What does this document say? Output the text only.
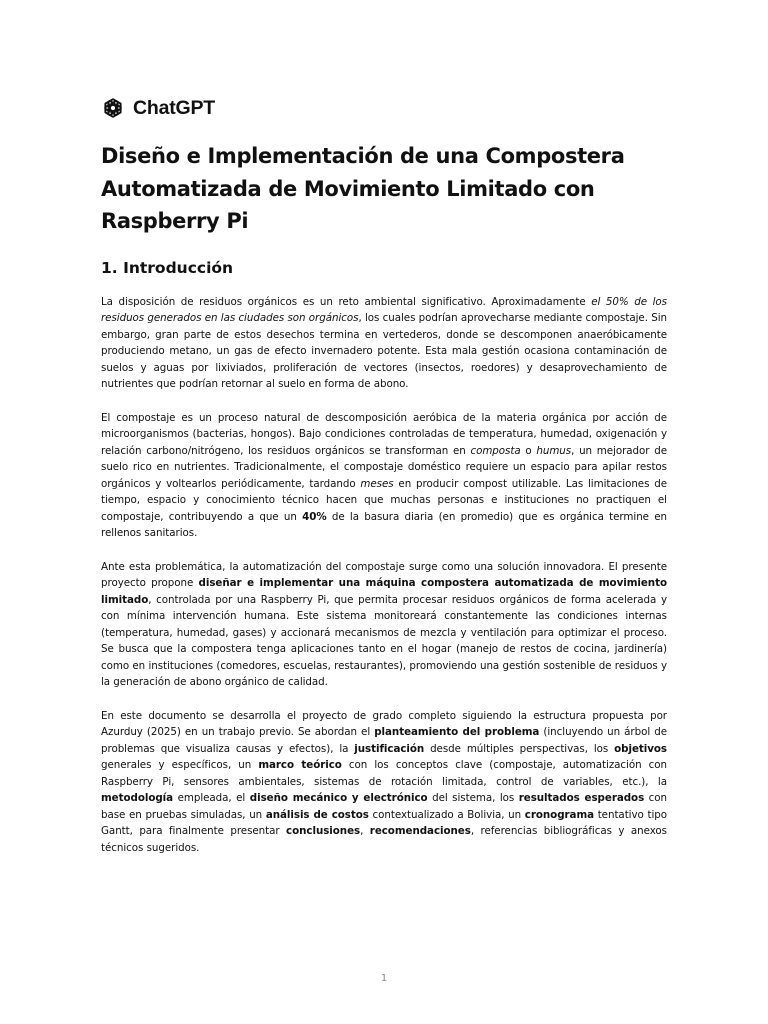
ChatGPT
Diseño e Implementación de una Compostera Automatizada de Movimiento Limitado con Raspberry Pi
1. Introducción

La disposición de residuos orgánicos es un reto ambiental significativo. Aproximadamente el 50% de los residuos generados en las ciudades son orgánicos, los cuales podrían aprovecharse mediante compostaje. Sin embargo, gran parte de estos desechos termina en vertederos, donde se descomponen anaeróbicamente produciendo metano, un gas de efecto invernadero potente. Esta mala gestión ocasiona contaminación de suelos y aguas por lixiviados, proliferación de vectores (insectos, roedores) y desaprovechamiento de nutrientes que podrían retornar al suelo en forma de abono.

El compostaje es un proceso natural de descomposición aeróbica de la materia orgánica por acción de microorganismos (bacterias, hongos). Bajo condiciones controladas de temperatura, humedad, oxigenación y relación carbono/nitrógeno, los residuos orgánicos se transforman en composta o humus, un mejorador de suelo rico en nutrientes. Tradicionalmente, el compostaje doméstico requiere un espacio para apilar restos orgánicos y voltearlos periódicamente, tardando meses en producir compost utilizable. Las limitaciones de tiempo, espacio y conocimiento técnico hacen que muchas personas e instituciones no practiquen el compostaje, contribuyendo a que un 40% de la basura diaria (en promedio) que es orgánica termine en rellenos sanitarios.

Ante esta problemática, la automatización del compostaje surge como una solución innovadora. El presente proyecto propone diseñar e implementar una máquina compostera automatizada de movimiento limitado, controlada por una Raspberry Pi, que permita procesar residuos orgánicos de forma acelerada y con mínima intervención humana. Este sistema monitoreará constantemente las condiciones internas (temperatura, humedad, gases) y accionará mecanismos de mezcla y ventilación para optimizar el proceso. Se busca que la compostera tenga aplicaciones tanto en el hogar (manejo de restos de cocina, jardinería) como en instituciones (comedores, escuelas, restaurantes), promoviendo una gestión sostenible de residuos y la generación de abono orgánico de calidad.

En este documento se desarrolla el proyecto de grado completo siguiendo la estructura propuesta por Azurduy (2025) en un trabajo previo. Se abordan el planteamiento del problema (incluyendo un árbol de problemas que visualiza causas y efectos), la justificación desde múltiples perspectivas, los objetivos generales y específicos, un marco teórico con los conceptos clave (compostaje, automatización con Raspberry Pi, sensores ambientales, sistemas de rotación limitada, control de variables, etc.), la metodología empleada, el diseño mecánico y electrónico del sistema, los resultados esperados con base en pruebas simuladas, un análisis de costos contextualizado a Bolivia, un cronograma tentativo tipo Gantt, para finalmente presentar conclusiones, recomendaciones, referencias bibliográficas y anexos técnicos sugeridos.

1
